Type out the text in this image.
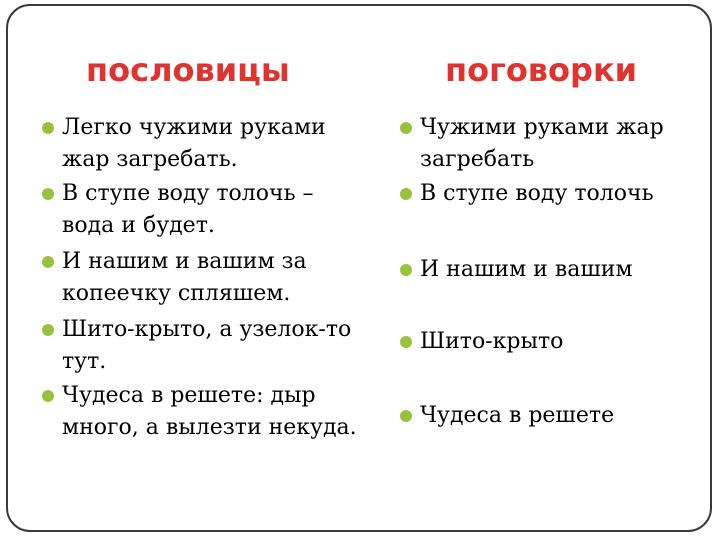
пословицы	поговорки
Легко чужими руками
жар загребать.
В ступе воду толочь –
вода и будет.
И нашим и вашим за
копеечку спляшем.
Шито-крыто, а узелок-то
тут.
Чудеса в решете: дыр
много, а вылезти некуда.
Чужими руками жар
загребать
В ступе воду толочь
И нашим и вашим
Шито-крыто
Чудеса в решете
